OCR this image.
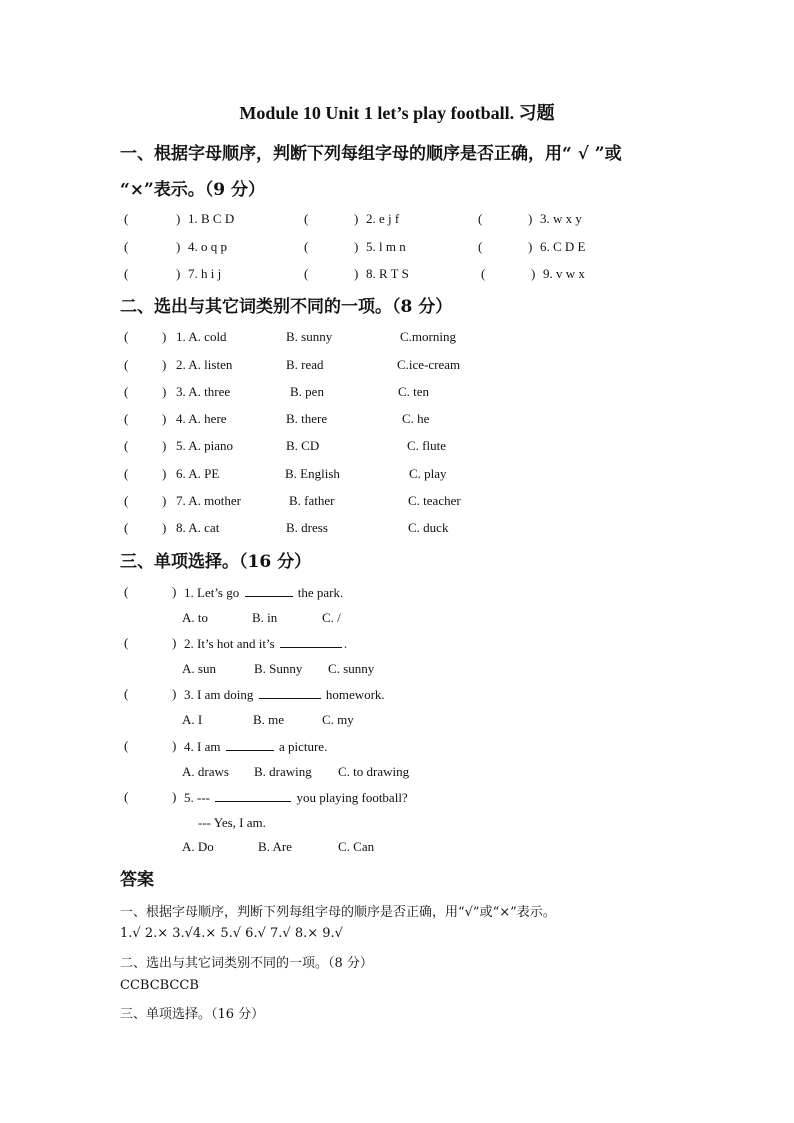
Module 10 Unit 1 let’s play football. 习题
一、根据字母顺序，判断下列每组字母的顺序是否正确，用“ √ ”或
“×”表示。（9 分）
(	) 1. B C D	(	) 2. e j f	(	) 3. w x y
(	) 4. o q p	(	) 5. l m n	(	) 6. C D E
(	) 7. h i j	(	) 8. R T S	(	) 9. v w x
二、选出与其它词类别不同的一项。（8 分）
(	) 1. A. cold	B. sunny	C.morning
(	) 2. A. listen	B. read	C.ice-cream
(	) 3. A. three	B. pen	C. ten
(	) 4. A. here	B. there	C. he
(	) 5. A. piano	B. CD	C. flute
(	) 6. A. PE	B. English	C. play
(	) 7. A. mother	B. father	C. teacher
(	) 8. A. cat	B. dress	C. duck
三、单项选择。（16 分）
(	) 1. Let’s go	the park.
A. to	B. in	C. /
(	) 2. It’s hot and it’s	.
A. sun	B. Sunny C. sunny
(	) 3. I am doing	homework.
A. I	B. me	C. my
(	) 4. I am	a picture.
A. draws B. drawing C. to drawing
(	) 5. ---	you playing football?
--- Yes, I am.
A. Do	B. Are	C. Can
答案
一、根据字母顺序，判断下列每组字母的顺序是否正确，用“√”或“×”表示。
1.√ 2.× 3.√4.× 5.√ 6.√ 7.√ 8.× 9.√
二、选出与其它词类别不同的一项。（8 分）
CCBCBCCB
三、单项选择。（16 分）
